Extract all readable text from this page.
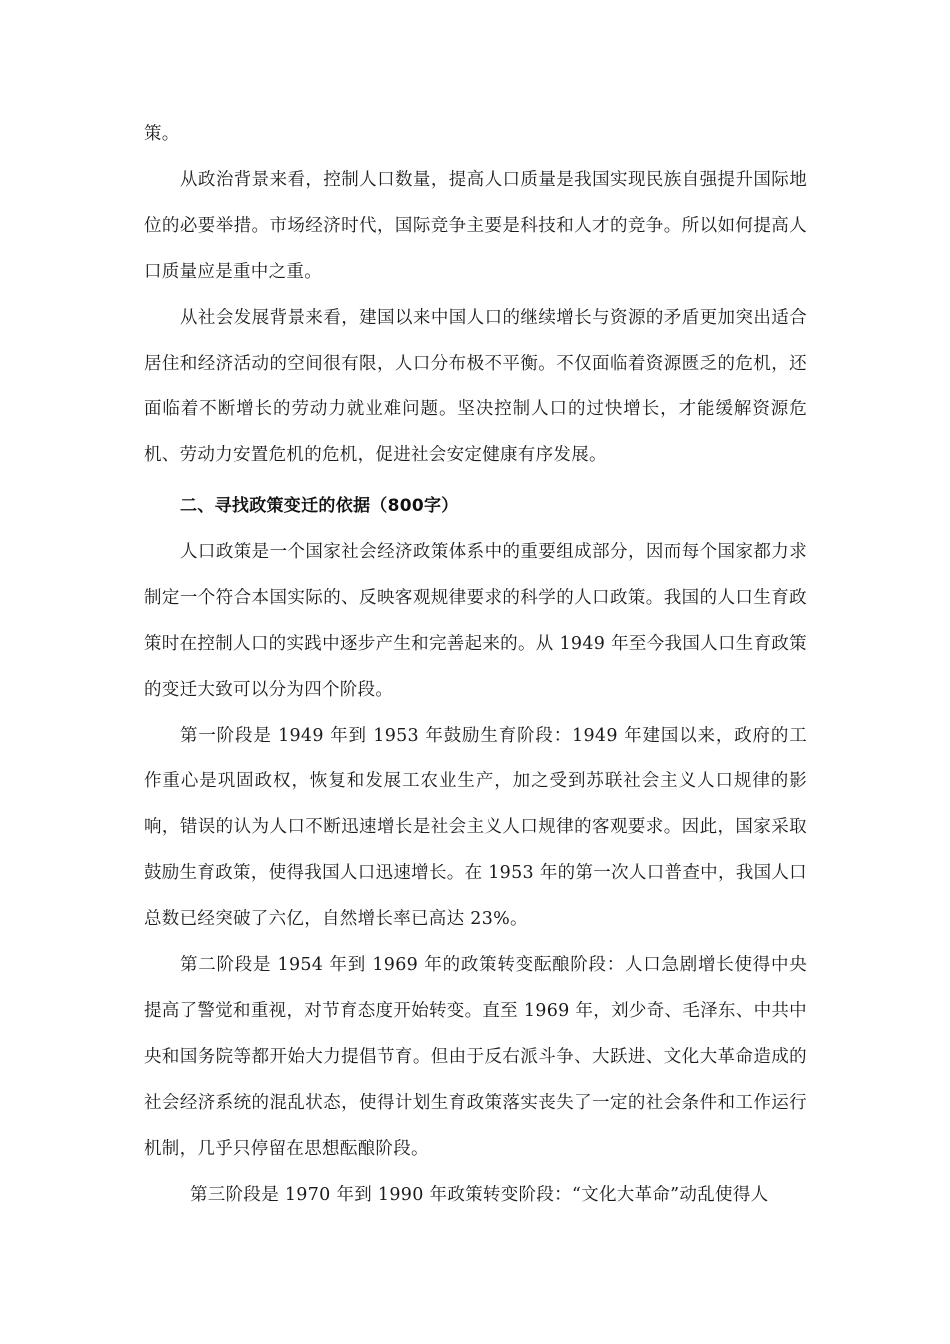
策。

从政治背景来看，控制人口数量，提高人口质量是我国实现民族自强提升国际地位的必要举措。市场经济时代，国际竞争主要是科技和人才的竞争。所以如何提高人口质量应是重中之重。

从社会发展背景来看，建国以来中国人口的继续增长与资源的矛盾更加突出适合居住和经济活动的空间很有限，人口分布极不平衡。不仅面临着资源匮乏的危机，还面临着不断增长的劳动力就业难问题。坚决控制人口的过快增长，才能缓解资源危机、劳动力安置危机的危机，促进社会安定健康有序发展。

二、寻找政策变迁的依据（800字）

人口政策是一个国家社会经济政策体系中的重要组成部分，因而每个国家都力求制定一个符合本国实际的、反映客观规律要求的科学的人口政策。我国的人口生育政策时在控制人口的实践中逐步产生和完善起来的。从 1949 年至今我国人口生育政策的变迁大致可以分为四个阶段。

第一阶段是 1949 年到 1953 年鼓励生育阶段：1949 年建国以来，政府的工作重心是巩固政权，恢复和发展工农业生产，加之受到苏联社会主义人口规律的影响，错误的认为人口不断迅速增长是社会主义人口规律的客观要求。因此，国家采取鼓励生育政策，使得我国人口迅速增长。在 1953 年的第一次人口普查中，我国人口总数已经突破了六亿，自然增长率已高达 23%。

第二阶段是 1954 年到 1969 年的政策转变酝酿阶段：人口急剧增长使得中央提高了警觉和重视，对节育态度开始转变。直至 1969 年，刘少奇、毛泽东、中共中央和国务院等都开始大力提倡节育。但由于反右派斗争、大跃进、文化大革命造成的社会经济系统的混乱状态，使得计划生育政策落实丧失了一定的社会条件和工作运行机制，几乎只停留在思想酝酿阶段。

第三阶段是 1970 年到 1990 年政策转变阶段：“文化大革命”动乱使得人
